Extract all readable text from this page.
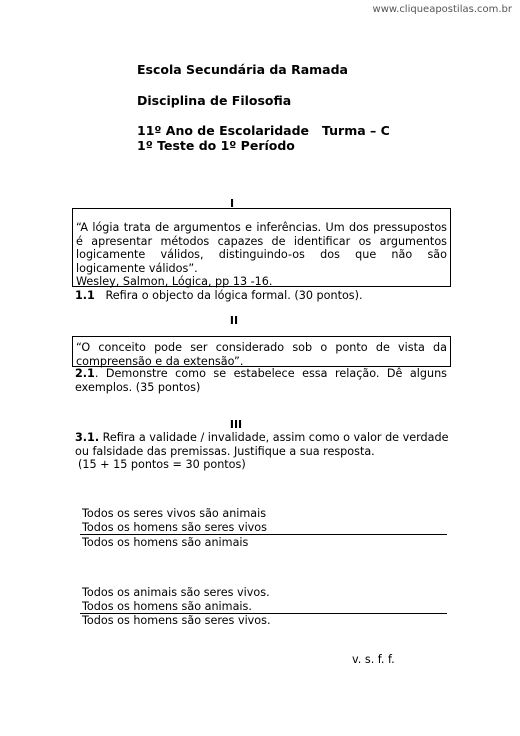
www.cliqueapostilas.com.br
Escola Secundária da Ramada
Disciplina de Filosofia
11º Ano de Escolaridade Turma – C
1º Teste do 1º Período
I
“A lógia trata de argumentos e inferências. Um dos pressupostos é apresentar métodos capazes de identificar os argumentos logicamente válidos, distinguindo-os dos que não são logicamente válidos”.
Wesley, Salmon, Lógica, pp 13 -16.
1.1 Refira o objecto da lógica formal. (30 pontos).
II
“O conceito pode ser considerado sob o ponto de vista da compreensão e da extensão”.
2.1. Demonstre como se estabelece essa relação. Dê alguns exemplos. (35 pontos)
III
3.1. Refira a validade / invalidade, assim como o valor de verdade ou falsidade das premissas. Justifique a sua resposta.
(15 + 15 pontos = 30 pontos)
Todos os seres vivos são animais
Todos os homens são seres vivos
Todos os homens são animais
Todos os animais são seres vivos.
Todos os homens são animais.
Todos os homens são seres vivos.
v. s. f. f.
